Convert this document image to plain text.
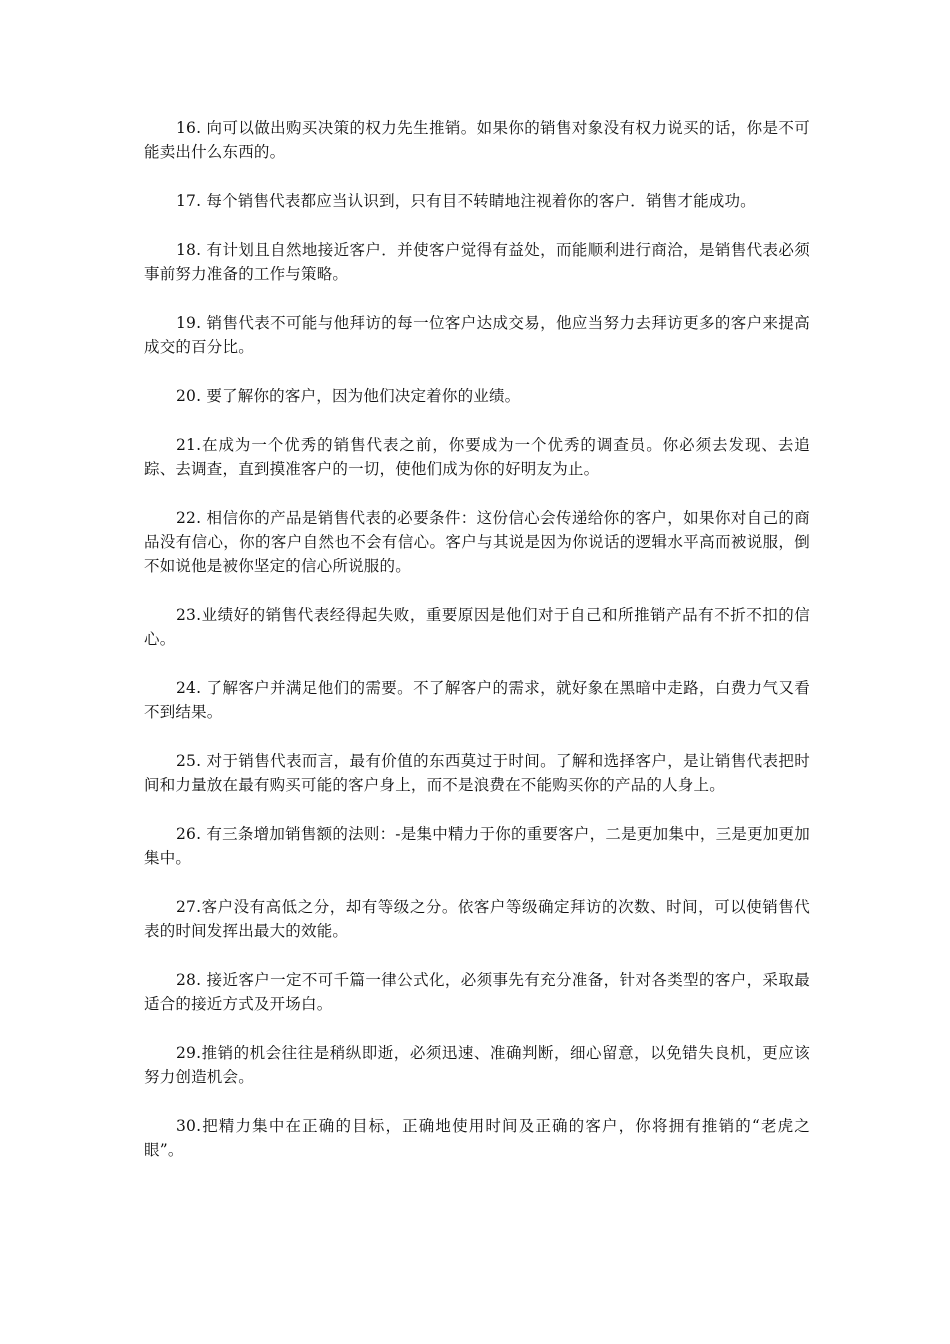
16. 向可以做出购买决策的权力先生推销。如果你的销售对象没有权力说买的话，你是不可能卖出什么东西的。

17. 每个销售代表都应当认识到，只有目不转睛地注视着你的客户．销售才能成功。

18. 有计划且自然地接近客户．并使客户觉得有益处，而能顺利进行商洽，是销售代表必须事前努力准备的工作与策略。

19. 销售代表不可能与他拜访的每一位客户达成交易，他应当努力去拜访更多的客户来提高成交的百分比。

20. 要了解你的客户，因为他们决定着你的业绩。

21.在成为一个优秀的销售代表之前，你要成为一个优秀的调查员。你必须去发现、去追踪、去调查，直到摸准客户的一切，使他们成为你的好明友为止。

22. 相信你的产品是销售代表的必要条件：这份信心会传递给你的客户，如果你对自己的商品没有信心，你的客户自然也不会有信心。客户与其说是因为你说话的逻辑水平高而被说服，倒不如说他是被你坚定的信心所说服的。

23.业绩好的销售代表经得起失败，重要原因是他们对于自己和所推销产品有不折不扣的信心。

24. 了解客户并满足他们的需要。不了解客户的需求，就好象在黑暗中走路，白费力气又看不到结果。

25. 对于销售代表而言，最有价值的东西莫过于时间。了解和选择客户，是让销售代表把时间和力量放在最有购买可能的客户身上，而不是浪费在不能购买你的产品的人身上。

26. 有三条增加销售额的法则：-是集中精力于你的重要客户，二是更加集中，三是更加更加集中。

27.客户没有高低之分，却有等级之分。依客户等级确定拜访的次数、时间，可以使销售代表的时间发挥出最大的效能。

28. 接近客户一定不可千篇一律公式化，必须事先有充分准备，针对各类型的客户，采取最适合的接近方式及开场白。

29.推销的机会往往是稍纵即逝，必须迅速、准确判断，细心留意，以免错失良机，更应该努力创造机会。

30.把精力集中在正确的目标，正确地使用时间及正确的客户，你将拥有推销的“老虎之眼”。
